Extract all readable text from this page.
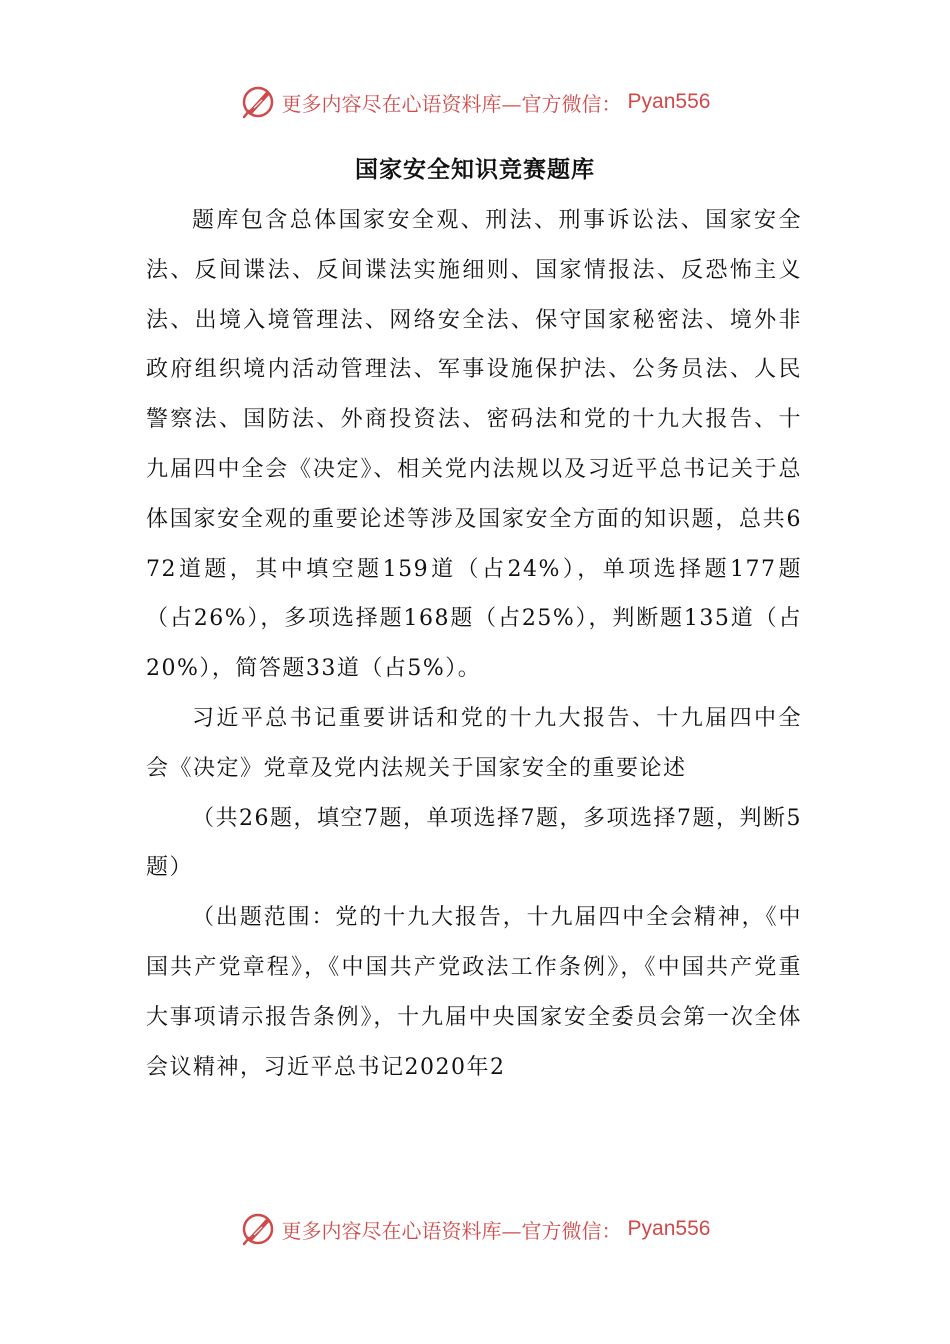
更多内容尽在心语资料库—官方微信： Pyan556
国家安全知识竞赛题库

题库包含总体国家安全观、刑法、刑事诉讼法、国家安全法、反间谍法、反间谍法实施细则、国家情报法、反恐怖主义法、出境入境管理法、网络安全法、保守国家秘密法、境外非政府组织境内活动管理法、军事设施保护法、公务员法、人民警察法、国防法、外商投资法、密码法和党的十九大报告、十九届四中全会《决定》、相关党内法规以及习近平总书记关于总体国家安全观的重要论述等涉及国家安全方面的知识题，总共672道题，其中填空题159道（占24%），单项选择题177题（占26%），多项选择题168题（占25%），判断题135道（占20%），简答题33道（占5%）。

习近平总书记重要讲话和党的十九大报告、十九届四中全会《决定》党章及党内法规关于国家安全的重要论述

（共26题，填空7题，单项选择7题，多项选择7题，判断5题）

（出题范围：党的十九大报告，十九届四中全会精神，《中国共产党章程》，《中国共产党政法工作条例》，《中国共产党重大事项请示报告条例》，十九届中央国家安全委员会第一次全体会议精神，习近平总书记2020年2

更多内容尽在心语资料库—官方微信： Pyan556
